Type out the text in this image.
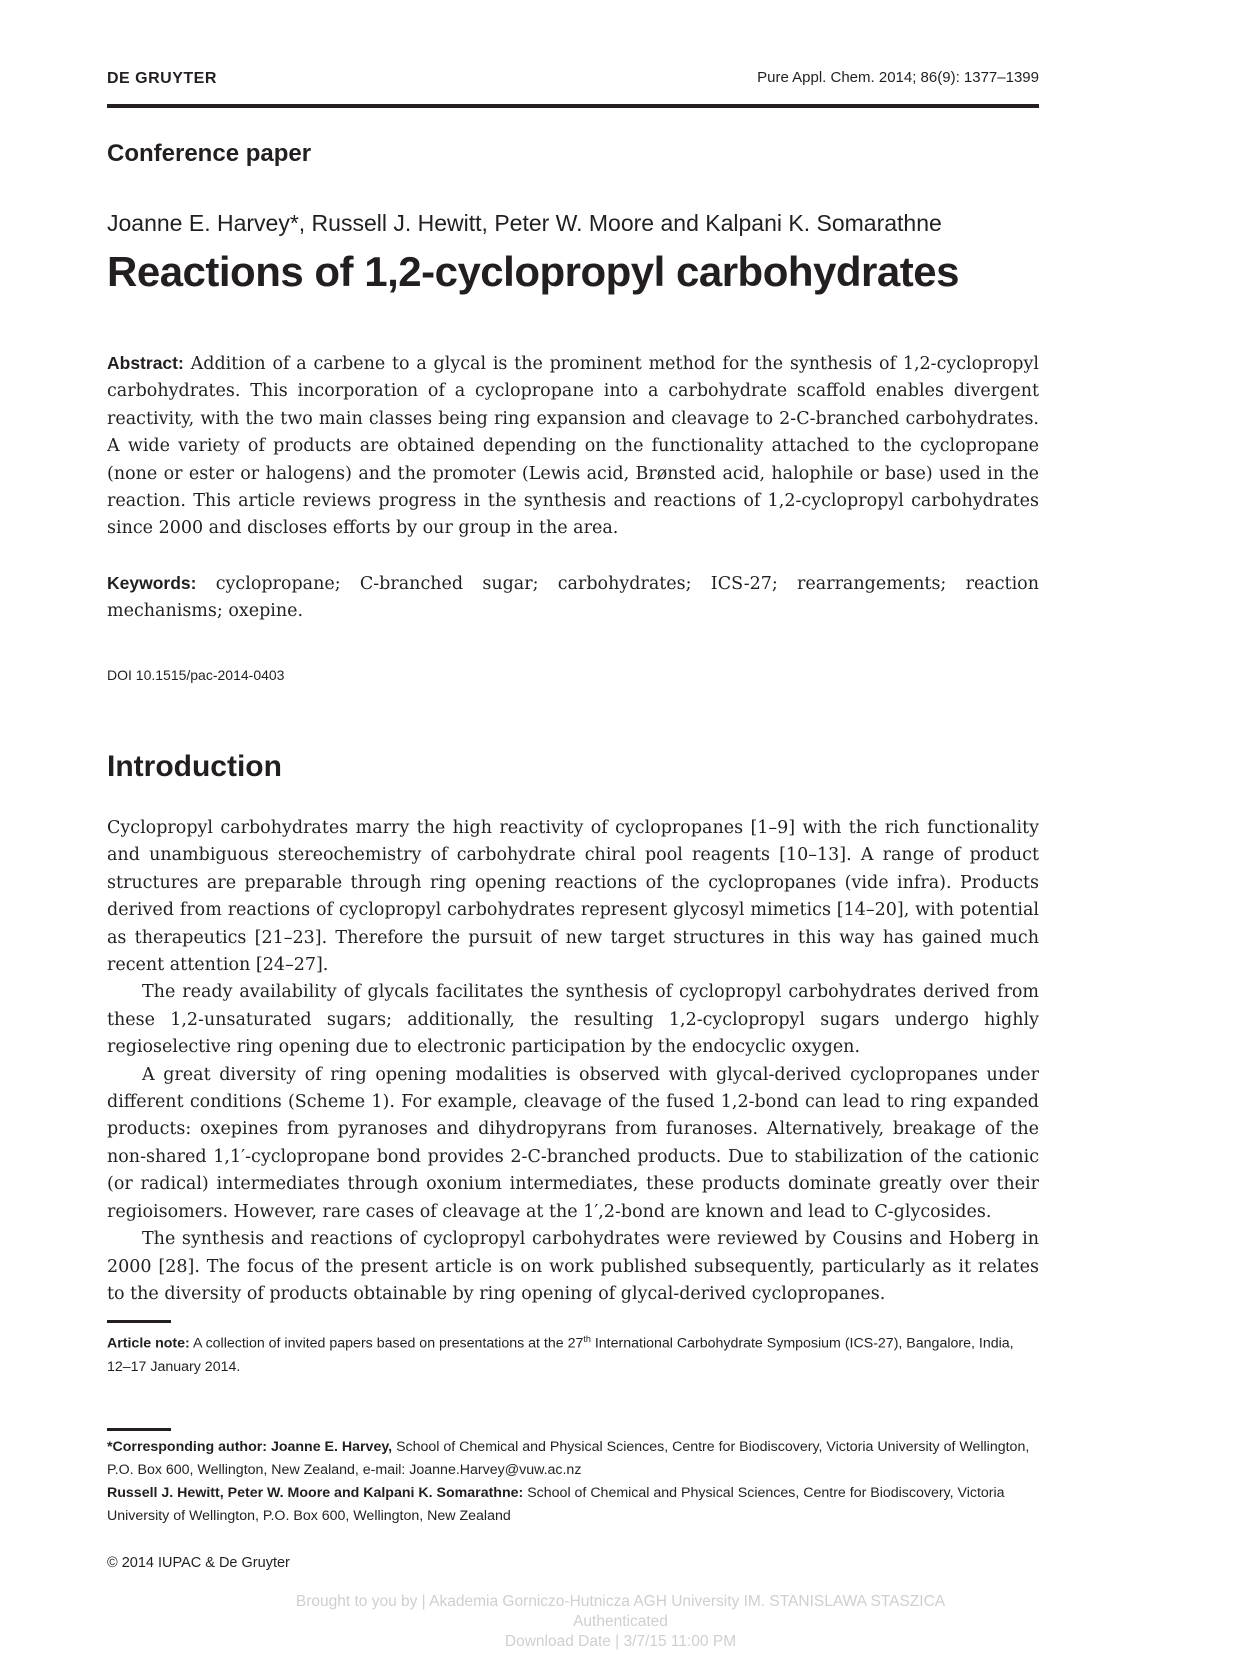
DE GRUYTER	Pure Appl. Chem. 2014; 86(9): 1377–1399
Conference paper
Joanne E. Harvey*, Russell J. Hewitt, Peter W. Moore and Kalpani K. Somarathne
Reactions of 1,2-cyclopropyl carbohydrates

Abstract: Addition of a carbene to a glycal is the prominent method for the synthesis of 1,2-cyclopropyl carbohydrates. This incorporation of a cyclopropane into a carbohydrate scaffold enables divergent reactivity, with the two main classes being ring expansion and cleavage to 2-C-branched carbohydrates. A wide variety of products are obtained depending on the functionality attached to the cyclopropane (none or ester or halogens) and the promoter (Lewis acid, Brønsted acid, halophile or base) used in the reaction. This article reviews progress in the synthesis and reactions of 1,2-cyclopropyl carbohydrates since 2000 and discloses efforts by our group in the area.

Keywords: cyclopropane; C-branched sugar; carbohydrates; ICS-27; rearrangements; reaction mechanisms; oxepine.

DOI 10.1515/pac-2014-0403
Introduction

Cyclopropyl carbohydrates marry the high reactivity of cyclopropanes [1–9] with the rich functionality and unambiguous stereochemistry of carbohydrate chiral pool reagents [10–13]. A range of product structures are preparable through ring opening reactions of the cyclopropanes (vide infra). Products derived from reactions of cyclopropyl carbohydrates represent glycosyl mimetics [14–20], with potential as therapeutics [21–23]. Therefore the pursuit of new target structures in this way has gained much recent attention [24–27].

The ready availability of glycals facilitates the synthesis of cyclopropyl carbohydrates derived from these 1,2-unsaturated sugars; additionally, the resulting 1,2-cyclopropyl sugars undergo highly regioselective ring opening due to electronic participation by the endocyclic oxygen.

A great diversity of ring opening modalities is observed with glycal-derived cyclopropanes under different conditions (Scheme 1). For example, cleavage of the fused 1,2-bond can lead to ring expanded products: oxepines from pyranoses and dihydropyrans from furanoses. Alternatively, breakage of the non-shared 1,1′-cyclopropane bond provides 2-C-branched products. Due to stabilization of the cationic (or radical) intermediates through oxonium intermediates, these products dominate greatly over their regioisomers. However, rare cases of cleavage at the 1′,2-bond are known and lead to C-glycosides.

The synthesis and reactions of cyclopropyl carbohydrates were reviewed by Cousins and Hoberg in 2000 [28]. The focus of the present article is on work published subsequently, particularly as it relates to the diversity of products obtainable by ring opening of glycal-derived cyclopropanes.

Article note: A collection of invited papers based on presentations at the 27th International Carbohydrate Symposium (ICS-27), Bangalore, India, 12–17 January 2014.

*Corresponding author: Joanne E. Harvey, School of Chemical and Physical Sciences, Centre for Biodiscovery, Victoria University of Wellington, P.O. Box 600, Wellington, New Zealand, e-mail: Joanne.Harvey@vuw.ac.nz

Russell J. Hewitt, Peter W. Moore and Kalpani K. Somarathne: School of Chemical and Physical Sciences, Centre for Biodiscovery, Victoria University of Wellington, P.O. Box 600, Wellington, New Zealand

© 2014 IUPAC & De Gruyter
Brought to you by | Akademia Gorniczo-Hutnicza AGH University IM. STANISLAWA STASZICA
Authenticated
Download Date | 3/7/15 11:00 PM
